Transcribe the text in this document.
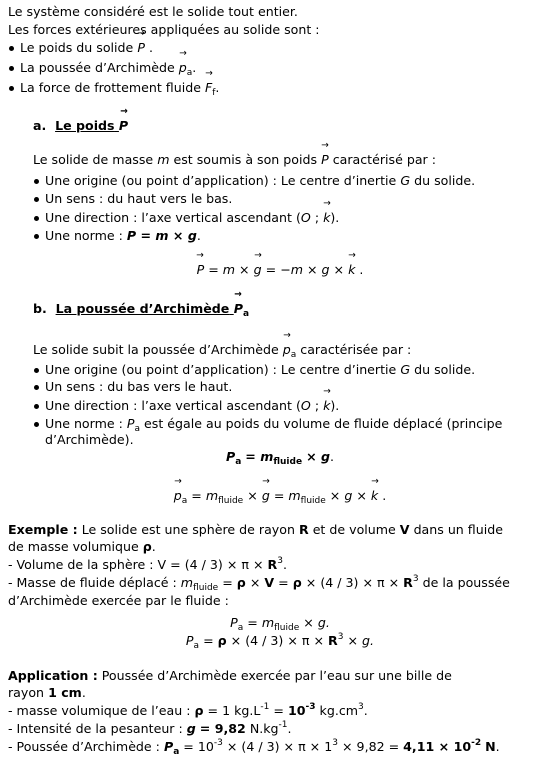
Le système considéré est le solide tout entier.
Les forces extérieures appliquées au solide sont :
Le poids du solide → P .
La poussée d’Archimède → $p_a$.
La force de frottement fluide → $F_f$.
a. Le poids → P
Le solide de masse m est soumis à son poids → P caractérisé par :
Une origine (ou point d’application) : Le centre d’inertie G du solide.
Un sens : du haut vers le bas.
Une direction : l’axe vertical ascendant (O ; → k).
Une norme : P = m × g.
→ P = m × → g = −m × g × → k .
b. La poussée d’Archimède → $P_a$
Le solide subit la poussée d’Archimède → $p_a$ caractérisée par :
Une origine (ou point d’application) : Le centre d’inertie G du solide.
Un sens : du bas vers le haut.
Une direction : l’axe vertical ascendant (O ; → k).
Une norme : $P_a$ est égale au poids du volume de fluide déplacé (principe
d’Archimède).
$P_a = m_{fluide} \times g$.
→ $p_a = m_{fluide}$ × → $g = m_{fluide} \times g$ × → k .
Exemple : Le solide est une sphère de rayon R et de volume V dans un fluide
de masse volumique ρ.
- Volume de la sphère : $V = (4 / 3) \times \pi \times R^3$.
- Masse de fluide déplacé : $m_{fluide} = \rho \times V = \rho \times (4 / 3) \times \pi \times R^3$ de la poussée
d’Archimède exercée par le fluide :
$P_a = m_{fluide} \times g$.
$P_a = \rho \times (4 / 3) \times \pi \times R^3 \times g$.
Application : Poussée d’Archimède exercée par l’eau sur une bille de
rayon 1 cm.
- masse volumique de l’eau : ρ = 1 $kg.L^{-1} = 10^{-3}$ $kg.cm^3$.
- Intensité de la pesanteur : g = 9,82 $N.kg^{-1}$.
- Poussée d’Archimède : $P_a = 10^{-3} \times (4 / 3) \times \pi \times 1^3 \times 9,82 = 4,11 \times 10^{-2}$ N.
